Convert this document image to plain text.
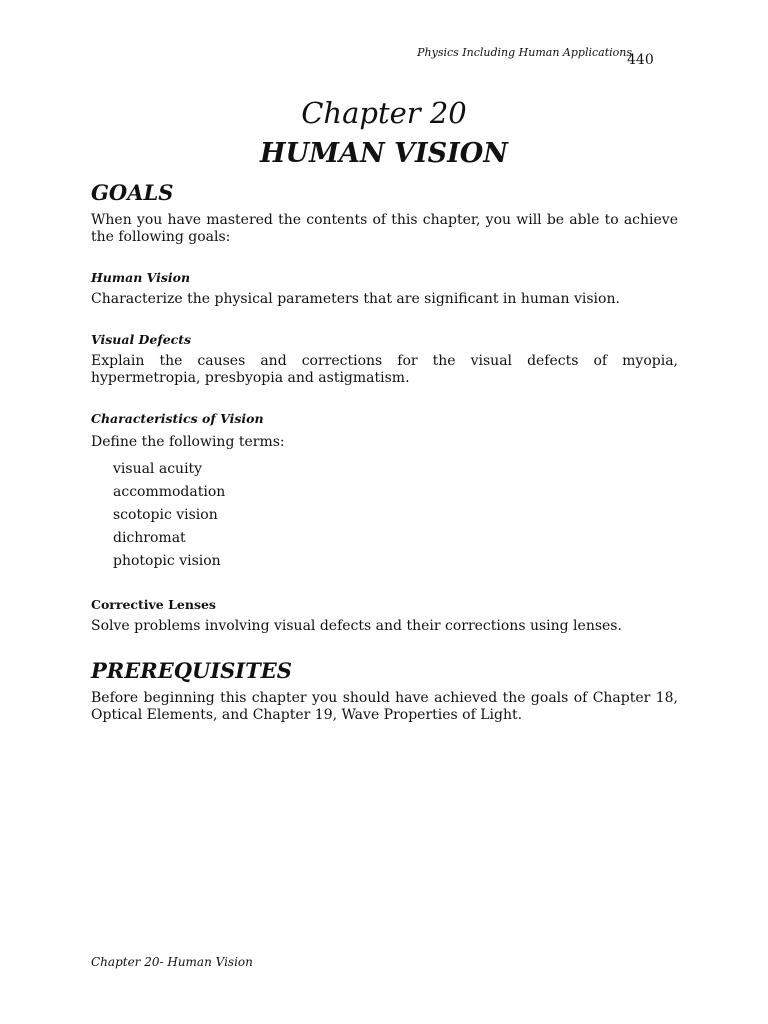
Physics Including Human Applications
440
Chapter 20
HUMAN VISION
GOALS

When you have mastered the contents of this chapter, you will be able to achieve the following goals:

Human Vision

Characterize the physical parameters that are significant in human vision.

Visual Defects

Explain the causes and corrections for the visual defects of myopia, hypermetropia, presbyopia and astigmatism.

Characteristics of Vision

Define the following terms:

visual acuity
accommodation
scotopic vision
dichromat
photopic vision
Corrective Lenses

Solve problems involving visual defects and their corrections using lenses.

PREREQUISITES

Before beginning this chapter you should have achieved the goals of Chapter 18, Optical Elements, and Chapter 19, Wave Properties of Light.

Chapter 20- Human Vision
